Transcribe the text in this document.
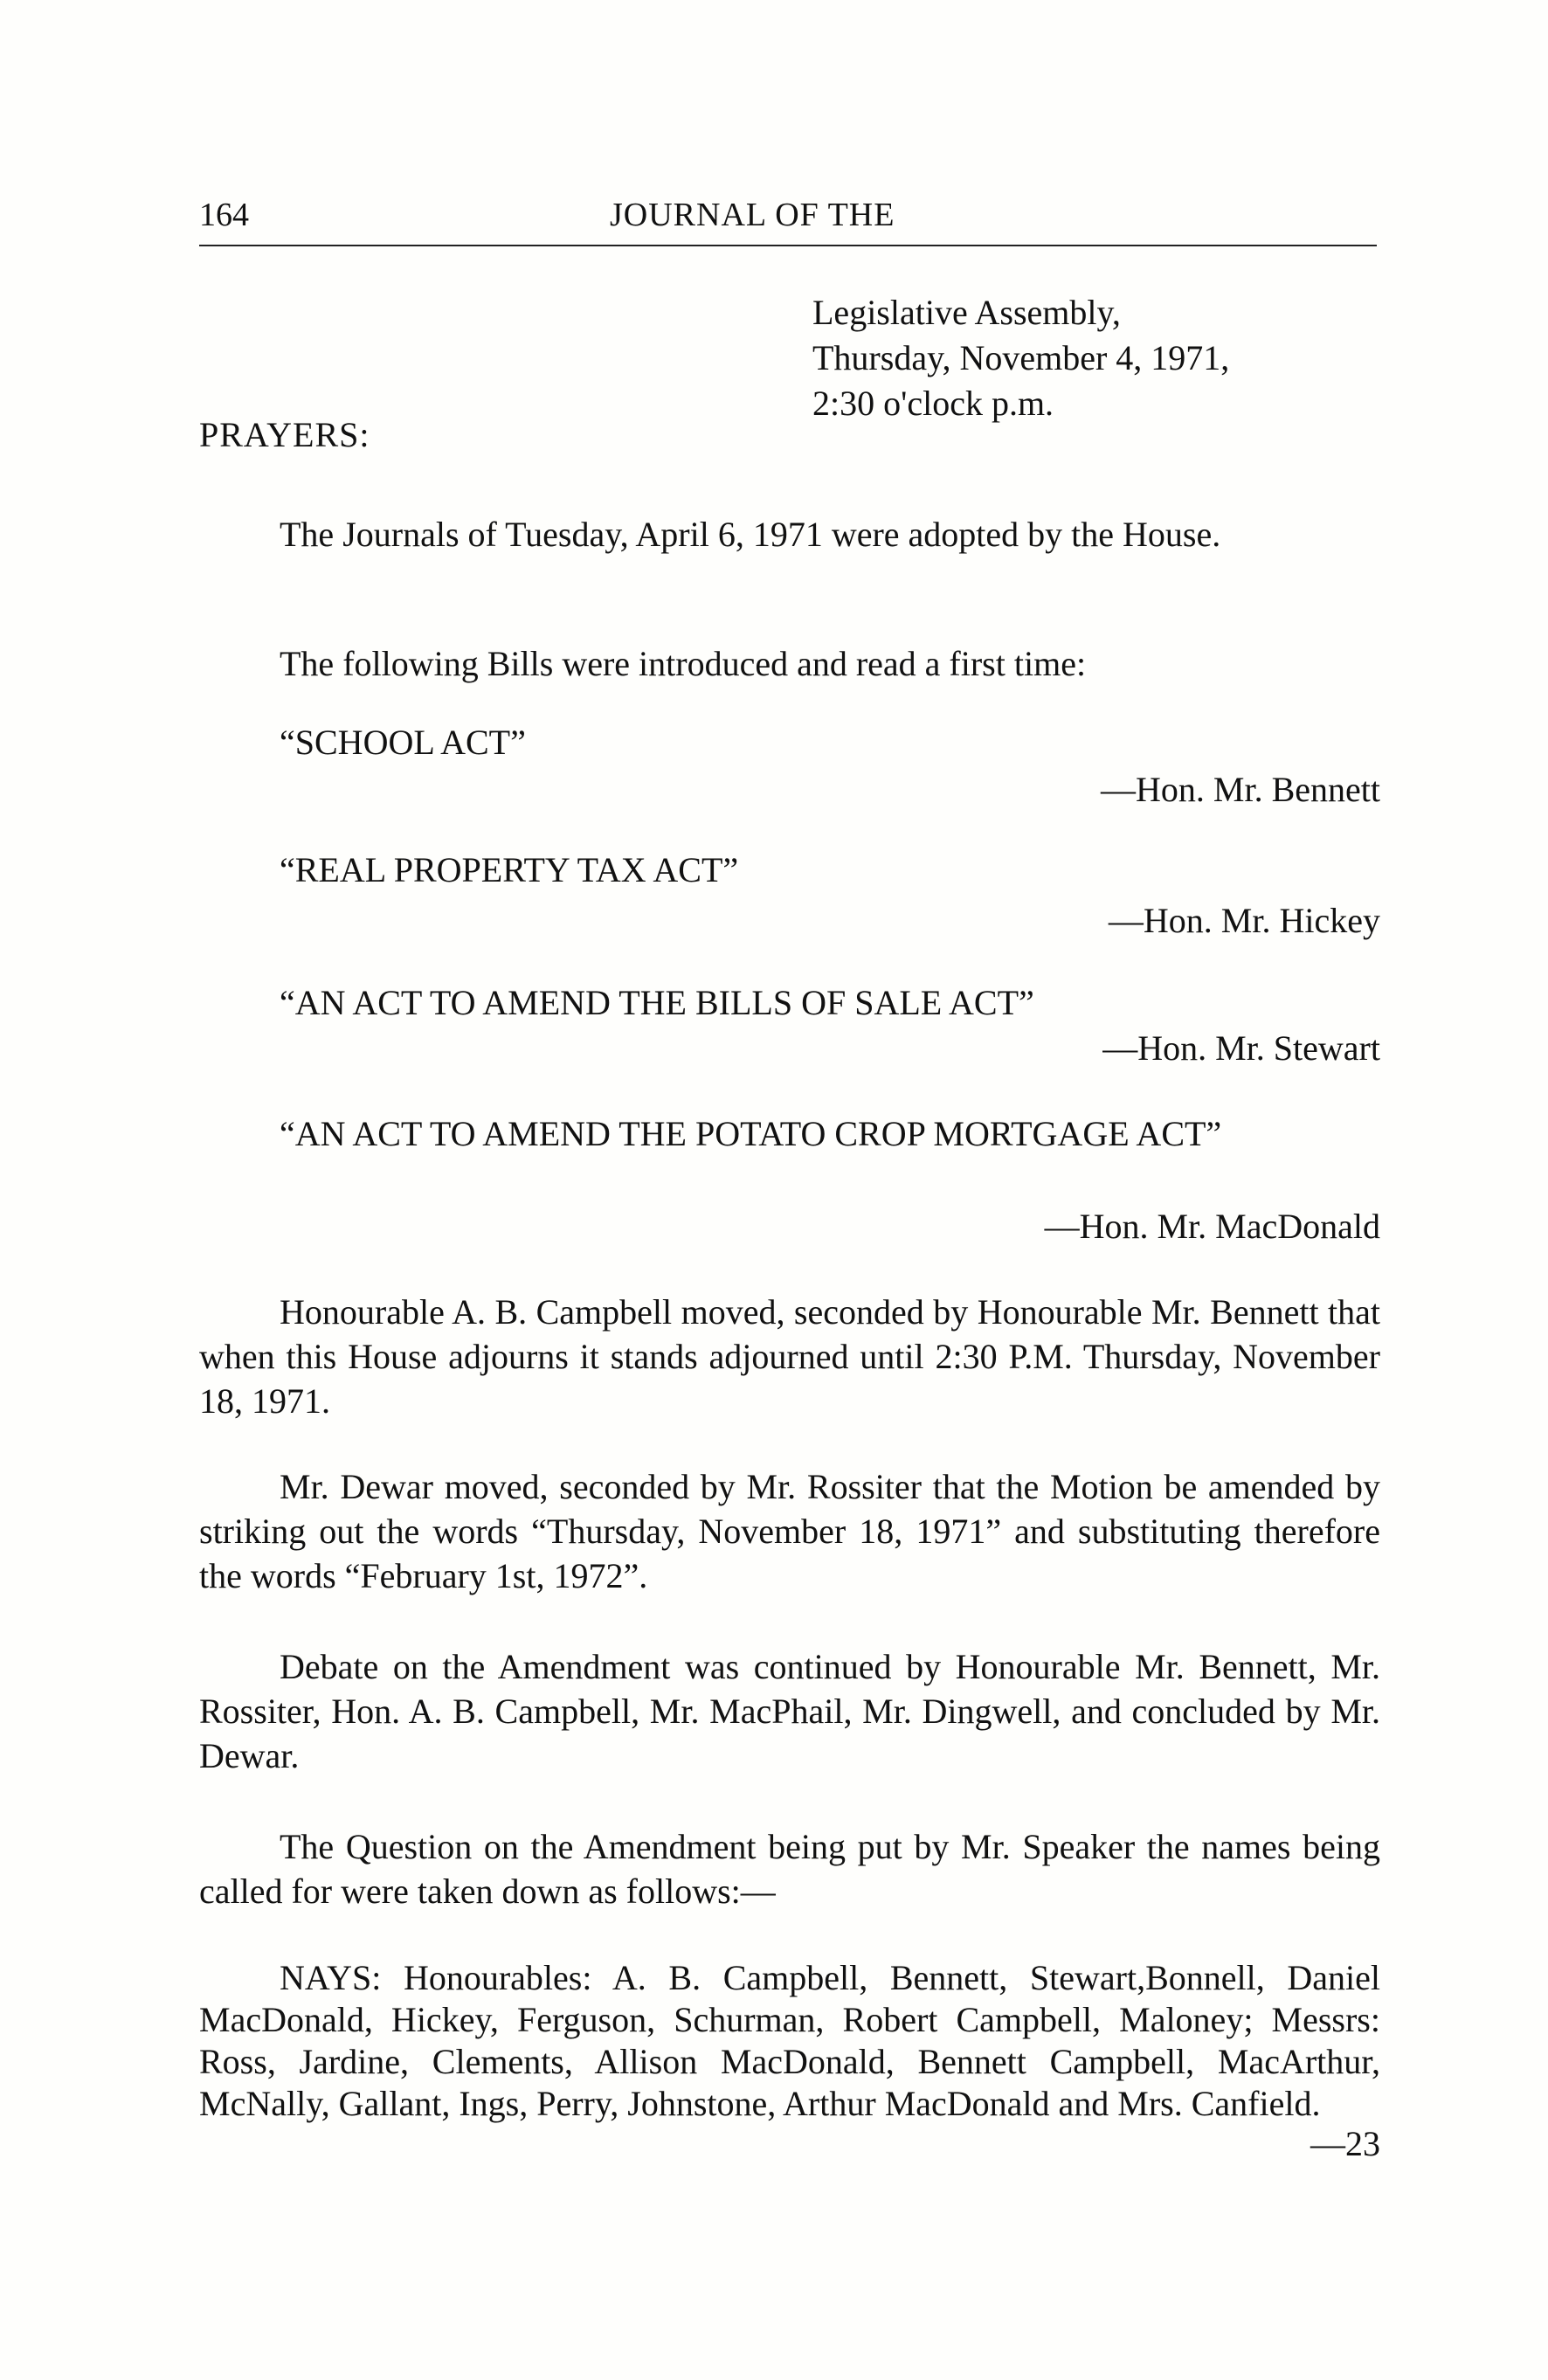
164	JOURNAL OF THE
Legislative Assembly,
Thursday, November 4, 1971,
2:30 o'clock p.m.
PRAYERS:
The Journals of Tuesday, April 6, 1971 were adopted by the House.
The following Bills were introduced and read a first time:
“SCHOOL ACT”
—Hon. Mr. Bennett
“REAL PROPERTY TAX ACT”
—Hon. Mr. Hickey
“AN ACT TO AMEND THE BILLS OF SALE ACT”
—Hon. Mr. Stewart
“AN ACT TO AMEND THE POTATO CROP MORTGAGE ACT”
—Hon. Mr. MacDonald
Honourable A. B. Campbell moved, seconded by Honourable Mr. Bennett that when this House adjourns it stands adjourned until 2:30 P.M. Thursday, November 18, 1971.
Mr. Dewar moved, seconded by Mr. Rossiter that the Motion be amended by striking out the words “Thursday, November 18, 1971” and substituting therefore the words “February 1st, 1972”.
Debate on the Amendment was continued by Honourable Mr. Bennett, Mr. Rossiter, Hon. A. B. Campbell, Mr. MacPhail, Mr. Dingwell, and concluded by Mr. Dewar.
The Question on the Amendment being put by Mr. Speaker the names being called for were taken down as follows:—
NAYS: Honourables: A. B. Campbell, Bennett, Stewart,Bonnell, Daniel MacDonald, Hickey, Ferguson, Schurman, Robert Campbell, Maloney; Messrs: Ross, Jardine, Clements, Allison MacDonald, Bennett Campbell, MacArthur, McNally, Gallant, Ings, Perry, Johnstone, Arthur MacDonald and Mrs. Canfield.
—23
